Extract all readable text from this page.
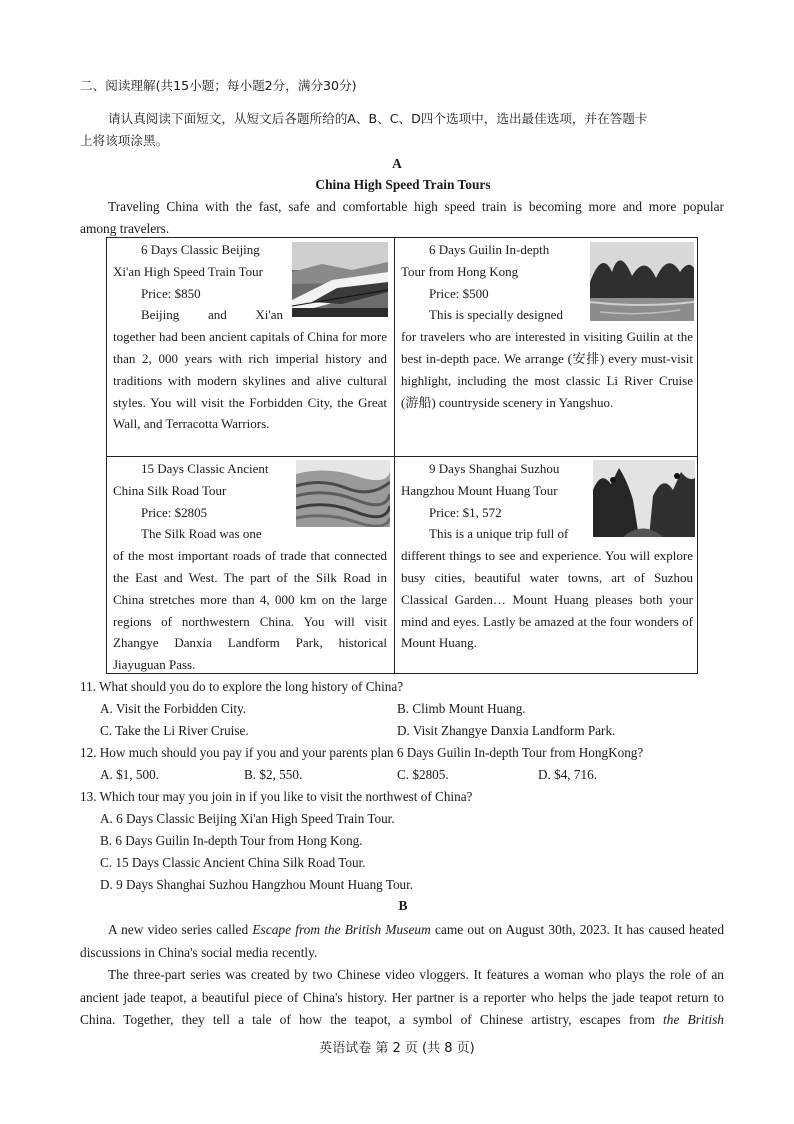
二、阅读理解(共15小题；每小题2分，满分30分)
请认真阅读下面短文，从短文后各题所给的A、B、C、D四个选项中，选出最佳选项，并在答题卡
上将该项涂黑。
A
China High Speed Train Tours
Traveling China with the fast, safe and comfortable high speed train is becoming more and more popular
among travelers.

6 Days Classic Beijing

Xi'an High Speed Train Tour

Price: $850

Beijing and Xi'an

together had been ancient capitals of China for more than 2, 000 years with rich imperial history and traditions with modern skylines and alive cultural styles. You will visit the Forbidden City, the Great Wall, and Terracotta Warriors.

6 Days Guilin In-depth

Tour from Hong Kong

Price: $500

This is specially designed

for travelers who are interested in visiting Guilin at the best in-depth pace. We arrange (安排) every must-visit highlight, including the most classic Li River Cruise (游船) countryside scenery in Yangshuo.

15 Days Classic Ancient

China Silk Road Tour

Price: $2805

The Silk Road was one

of the most important roads of trade that connected the East and West. The part of the Silk Road in China stretches more than 4, 000 km on the large regions of northwestern China. You will visit Zhangye Danxia Landform Park, historical Jiayuguan Pass.

9 Days Shanghai Suzhou

Hangzhou Mount Huang Tour

Price: $1, 572

This is a unique trip full of

different things to see and experience. You will explore busy cities, beautiful water towns, art of Suzhou Classical Garden… Mount Huang pleases both your mind and eyes. Lastly be amazed at the four wonders of Mount Huang.

11. What should you do to explore the long history of China?
A. Visit the Forbidden City.	B. Climb Mount Huang.
C. Take the Li River Cruise.	D. Visit Zhangye Danxia Landform Park.
12. How much should you pay if you and your parents plan 6 Days Guilin In-depth Tour from HongKong?
A. $1, 500.	B. $2, 550.	C. $2805.	D. $4, 716.
13. Which tour may you join in if you like to visit the northwest of China?
A. 6 Days Classic Beijing Xi'an High Speed Train Tour.
B. 6 Days Guilin In-depth Tour from Hong Kong.
C. 15 Days Classic Ancient China Silk Road Tour.
D. 9 Days Shanghai Suzhou Hangzhou Mount Huang Tour.
B

A new video series called Escape from the British Museum came out on August 30th, 2023. It has caused heated discussions in China's social media recently.

The three-part series was created by two Chinese video vloggers. It features a woman who plays the role of an ancient jade teapot, a beautiful piece of China's history. Her partner is a reporter who helps the jade teapot return to China. Together, they tell a tale of how the teapot, a symbol of Chinese artistry, escapes from the British

英语试卷 第 2 页 (共 8 页)
